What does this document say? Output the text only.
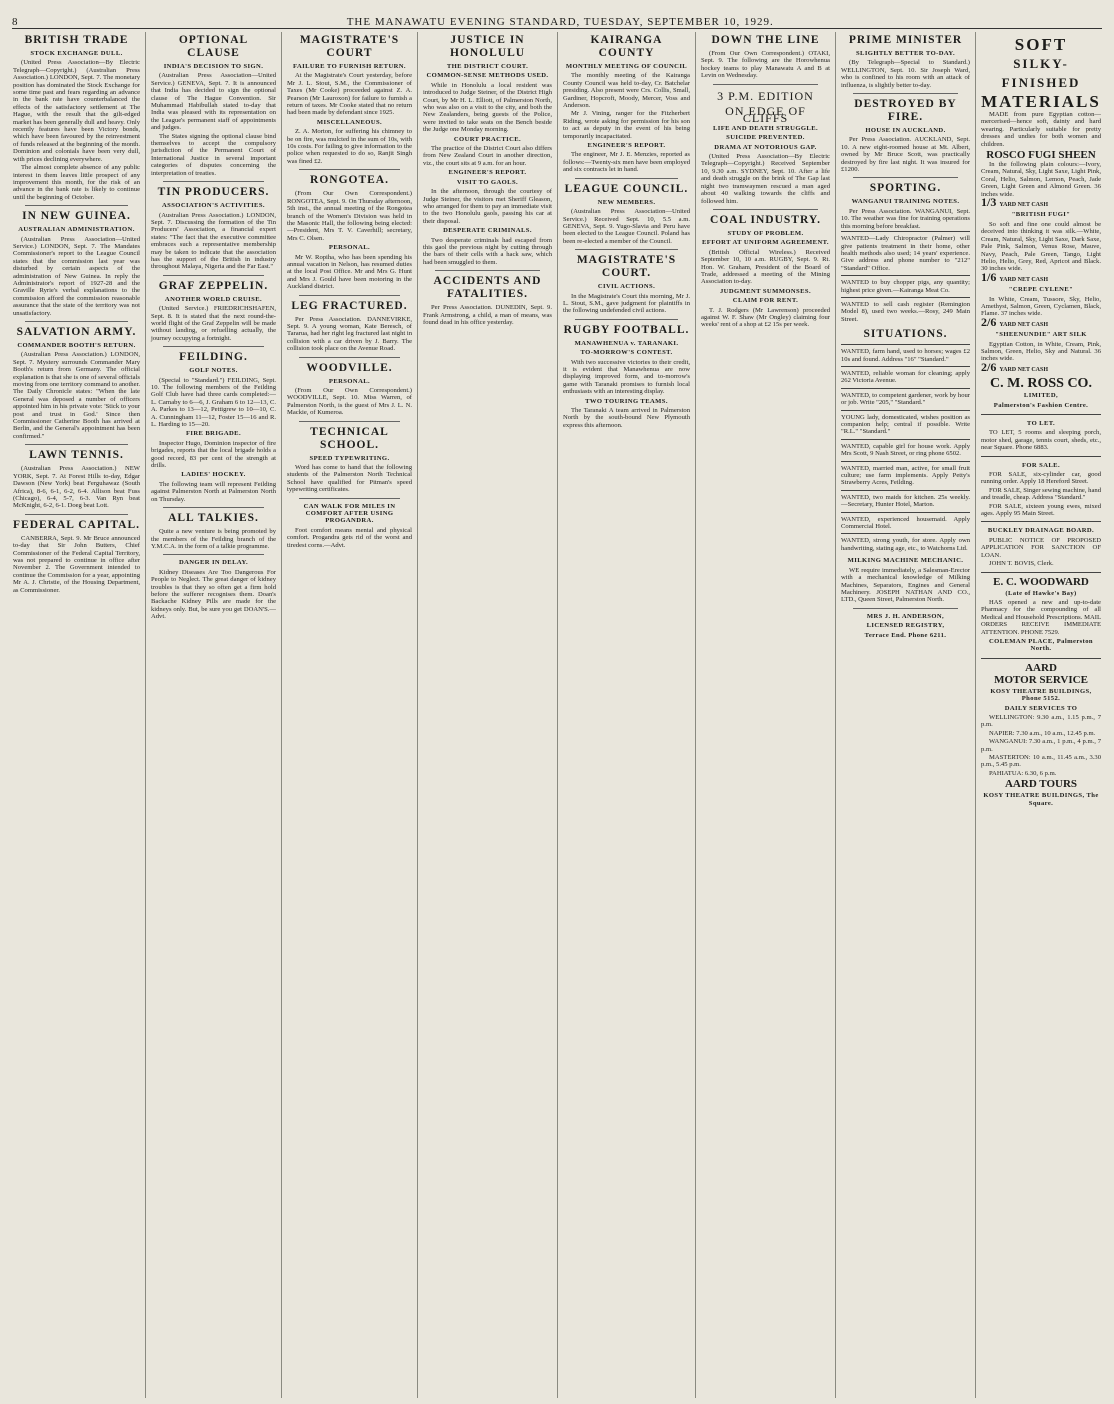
8	THE MANAWATU EVENING STANDARD, TUESDAY, SEPTEMBER 10, 1929.
BRITISH TRADE
STOCK EXCHANGE DULL.

(United Press Association—By Electric Telegraph—Copyright.) (Australian Press Association.) LONDON, Sept. 7. The monetary position has dominated the Stock Exchange for some time past and fears regarding an advance in the bank rate have counterbalanced the effects of the satisfactory settlement at The Hague, with the result that the gilt-edged market has been generally dull and heavy. Only recently features have been Victory bonds, which have been favoured by the reinvestment of funds released at the beginning of the month. Dominion and colonials have been very dull, with prices declining everywhere.

The almost complete absence of any public interest in them leaves little prospect of any improvement this month, for the risk of an advance in the bank rate is likely to continue until the beginning of October.

IN NEW GUINEA.
AUSTRALIAN ADMINISTRATION.

(Australian Press Association—United Service.) LONDON, Sept. 7. The Mandates Commissioner's report to the League Council states that the commission last year was disturbed by certain aspects of the administration of New Guinea. In reply the Administrator's report of 1927-28 and the Graville Ryrie's verbal explanations to the commission afford the commission reasonable assurance that the state of the territory was not unsatisfactory.

SALVATION ARMY.
COMMANDER BOOTH'S RETURN.

(Australian Press Association.) LONDON, Sept. 7. Mystery surrounds Commander Mary Booth's return from Germany. The official explanation is that she is one of several officials moving from one territory command to another. The Daily Chronicle states: "When the late General was deposed a number of officers appointed him in his private vote: 'Stick to your post and trust in God.' Since then Commissioner Catherine Booth has arrived at Berlin, and the General's appointment has been confirmed."

LAWN TENNIS.

(Australian Press Association.) NEW YORK, Sept. 7. At Forest Hills to-day, Edgar Dawson (New York) beat Ferguhawaz (South Africa), 8-6, 6-1, 6-2, 6-4. Allison beat Fuss (Chicago), 6-4, 5-7, 6-3. Van Ryn beat McKnight, 6-2, 6-1. Doeg beat Lott.

FEDERAL CAPITAL.

CANBERRA, Sept. 9. Mr Bruce announced to-day that Sir John Butters, Chief Commissioner of the Federal Capital Territory, was not prepared to continue in office after November 2. The Government intended to continue the Commission for a year, appointing Mr A. J. Christie, of the Housing Department, as Commissioner.

OPTIONAL CLAUSE
INDIA'S DECISION TO SIGN.

(Australian Press Association—United Service.) GENEVA, Sept. 7. It is announced that India has decided to sign the optional clause of The Hague Convention. Sir Muhammad Habibullah stated to-day that India was pleased with its representation on the League's permanent staff of appointments and judges.

The States signing the optional clause bind themselves to accept the compulsory jurisdiction of the Permanent Court of International Justice in several important categories of disputes concerning the interpretation of treaties.

TIN PRODUCERS.
ASSOCIATION'S ACTIVITIES.

(Australian Press Association.) LONDON, Sept. 7. Discussing the formation of the Tin Producers' Association, a financial expert states: "The fact that the executive committee embraces such a representative membership may be taken to indicate that the association has the support of the British in industry throughout Malaya, Nigeria and the Far East."

GRAF ZEPPELIN.
ANOTHER WORLD CRUISE.

(United Service.) FRIEDRICHSHAFEN, Sept. 8. It is stated that the next round-the-world flight of the Graf Zeppelin will be made without landing, or refuelling actually, the journey occupying a fortnight.

FEILDING.
GOLF NOTES.

(Special to "Standard.") FEILDING, Sept. 10. The following members of the Feilding Golf Club have had three cards completed:—L. Carnaby to 6—6, J. Graham 6 to 12—13, C. A. Parkes to 13—12, Pettigrew to 10—10, C. A. Cunningham 11—12, Foster 15—16 and R. L. Harding to 15—20.

FIRE BRIGADE.

Inspector Hugo, Dominion inspector of fire brigades, reports that the local brigade holds a good record, 83 per cent of the strength at drills.

LADIES' HOCKEY.

The following team will represent Feilding against Palmerston North at Palmerston North on Thursday.

ALL TALKIES.

Quite a new venture is being promoted by the members of the Feilding branch of the Y.M.C.A. in the form of a talkie programme.

DANGER IN DELAY.

Kidney Diseases Are Too Dangerous For People to Neglect. The great danger of kidney troubles is that they so often get a firm hold before the sufferer recognises them. Doan's Backache Kidney Pills are made for the kidneys only. But, be sure you get DOAN'S.—Advt.

MAGISTRATE'S COURT
FAILURE TO FURNISH RETURN.

At the Magistrate's Court yesterday, before Mr J. L. Stout, S.M., the Commissioner of Taxes (Mr Cooke) proceeded against Z. A. Pearson (Mr Lauroxon) for failure to furnish a return of taxes. Mr Cooke stated that no return had been made by defendant since 1925.

MISCELLANEOUS.

Z. A. Morton, for suffering his chimney to be on fire, was mulcted in the sum of 10s, with 10s costs. For failing to give information to the police when requested to do so, Ranjit Singh was fined £2.

RONGOTEA.

(From Our Own Correspondent.) RONGOTEA, Sept. 9. On Thursday afternoon, 5th inst., the annual meeting of the Rongotea branch of the Women's Division was held in the Masonic Hall, the following being elected:—President, Mrs T. V. Caverhill; secretary, Mrs C. Olsen.

PERSONAL.

Mr W. Ropiha, who has been spending his annual vacation in Nelson, has resumed duties at the local Post Office. Mr and Mrs G. Hunt and Mrs J. Gould have been motoring in the Auckland district.

LEG FRACTURED.

Per Press Association. DANNEVIRKE, Sept. 9. A young woman, Kate Beresch, of Tararua, had her right leg fractured last night in collision with a car driven by J. Barry. The collision took place on the Avenue Road.

WOODVILLE.
PERSONAL.

(From Our Own Correspondent.) WOODVILLE, Sept. 10. Miss Warren, of Palmerston North, is the guest of Mrs J. L. N. Mackie, of Kumeroa.

TECHNICAL SCHOOL.
SPEED TYPEWRITING.

Word has come to hand that the following students of the Palmerston North Technical School have qualified for Pitman's speed typewriting certificates.

CAN WALK FOR MILES IN COMFORT AFTER USING PROGANDRA.

Foot comfort means mental and physical comfort. Progandra gets rid of the worst and tiredest corns.—Advt.

JUSTICE IN HONOLULU
THE DISTRICT COURT.
COMMON-SENSE METHODS USED.

While in Honolulu a local resident was introduced to Judge Steiner, of the District High Court, by Mr H. L. Elliott, of Palmerston North, who was also on a visit to the city, and both the New Zealanders, being guests of the Police, were invited to take seats on the Bench beside the Judge one Monday morning.

COURT PRACTICE.

The practice of the District Court also differs from New Zealand Court in another direction, viz., the court sits at 9 a.m. for an hour.

ENGINEER'S REPORT.
VISIT TO GAOLS.

In the afternoon, through the courtesy of Judge Steiner, the visitors met Sheriff Gleason, who arranged for them to pay an immediate visit to the two Honolulu gaols, passing his car at their disposal.

DESPERATE CRIMINALS.

Two desperate criminals had escaped from this gaol the previous night by cutting through the bars of their cells with a hack saw, which had been smuggled to them.

ACCIDENTS AND FATALITIES.

Per Press Association. DUNEDIN, Sept. 9. Frank Armstrong, a child, a man of means, was found dead in his office yesterday.

KAIRANGA COUNTY
MONTHLY MEETING OF COUNCIL

The monthly meeting of the Kairanga County Council was held to-day, Cr. Batchelar presiding. Also present were Crs. Collis, Small, Gardiner, Hopcroft, Moody, Mercer, Voss and Anderson.

Mr J. Vining, ranger for the Fitzherbert Riding, wrote asking for permission for his son to act as deputy in the event of his being temporarily incapacitated.

ENGINEER'S REPORT.

The engineer, Mr J. E. Menzies, reported as follows:—Twenty-six men have been employed and six contracts let in hand.

LEAGUE COUNCIL.
NEW MEMBERS.

(Australian Press Association—United Service.) Received Sept. 10, 5.5 a.m. GENEVA, Sept. 9. Yugo-Slavia and Peru have been elected to the League Council. Poland has been re-elected a member of the Council.

MAGISTRATE'S COURT.
CIVIL ACTIONS.

In the Magistrate's Court this morning, Mr J. L. Stout, S.M., gave judgment for plaintiffs in the following undefended civil actions.

RUGBY FOOTBALL.
MANAWHENUA v. TARANAKI.
TO-MORROW'S CONTEST.

With two successive victories to their credit, it is evident that Manawhenua are now displaying improved form, and to-morrow's game with Taranaki promises to furnish local enthusiasts with an interesting display.

TWO TOURING TEAMS.

The Taranaki A team arrived in Palmerston North by the south-bound New Plymouth express this afternoon.

DOWN THE LINE

(From Our Own Correspondent.) OTAKI, Sept. 9. The following are the Horowhenua hockey teams to play Manawatu A and B at Levin on Wednesday.

3 P.M. EDITION
ON EDGE OF CLIFFS
LIFE AND DEATH STRUGGLE.
SUICIDE PREVENTED.
DRAMA AT NOTORIOUS GAP.

(United Press Association—By Electric Telegraph—Copyright.) Received September 10, 9.30 a.m. SYDNEY, Sept. 10. After a life and death struggle on the brink of The Gap last night two tramwaymen rescued a man aged about 40 walking towards the cliffs and followed him.

COAL INDUSTRY.
STUDY OF PROBLEM.
EFFORT AT UNIFORM AGREEMENT.

(British Official Wireless.) Received September 10, 10 a.m. RUGBY, Sept. 9. Rt. Hon. W. Graham, President of the Board of Trade, addressed a meeting of the Mining Association to-day.

JUDGMENT SUMMONSES.
CLAIM FOR RENT.

T. J. Rodgers (Mr Lawrenson) proceeded against W. F. Shaw (Mr Ongley) claiming four weeks' rent of a shop at £2 15s per week.

PRIME MINISTER
SLIGHTLY BETTER TO-DAY.

(By Telegraph—Special to Standard.) WELLINGTON, Sept. 10. Sir Joseph Ward, who is confined to his room with an attack of influenza, is slightly better to-day.

DESTROYED BY FIRE.
HOUSE IN AUCKLAND.

Per Press Association. AUCKLAND, Sept. 10. A new eight-roomed house at Mt. Albert, owned by Mr Bruce Scott, was practically destroyed by fire last night. It was insured for £1200.

SPORTING.
WANGANUI TRAINING NOTES.

Per Press Association. WANGANUI, Sept. 10. The weather was fine for training operations this morning before breakfast.

WANTED—Lady Chiropractor (Palmer) will give patients treatment in their home, other health methods also used; 14 years' experience. Give address and phone number to "212" "Standard" Office.
WANTED to buy chopper pigs, any quantity; highest price given.—Kairanga Meat Co.
WANTED to sell cash register (Remington Model 8), used two weeks.—Rosy, 249 Main Street.
SITUATIONS.
WANTED, farm hand, used to horses; wages £2 10s and found. Address "16" "Standard."
WANTED, reliable woman for cleaning; apply 262 Victoria Avenue.
WANTED, to competent gardener, work by hour or job. Write "205," "Standard."
YOUNG lady, domesticated, wishes position as companion help; central if possible. Write "R.L." "Standard."
WANTED, capable girl for house work. Apply Mrs Scott, 9 Nash Street, or ring phone 6502.
WANTED, married man, active, for small fruit culture; use farm implements. Apply Petty's Strawberry Acres, Feilding.
WANTED, two maids for kitchen. 25s weekly.—Secretary, Hunter Hotel, Marton.
WANTED, experienced housemaid. Apply Commercial Hotel.
WANTED, strong youth, for store. Apply own handwriting, stating age, etc., to Watchorns Ltd.
MILKING MACHINE MECHANIC.

WE require immediately, a Salesman-Erector with a mechanical knowledge of Milking Machines, Separators, Engines and General Machinery. JOSEPH NATHAN AND CO., LTD., Queen Street, Palmerston North.

MRS J. H. ANDERSON,
LICENSED REGISTRY,
Terrace End. Phone 6211.
SOFT
SILKY-FINISHED
MATERIALS

MADE from pure Egyptian cotton—mercerised—hence soft, dainty and hard wearing. Particularly suitable for pretty dresses and undies for both women and children.

ROSCO FUGI SHEEN

In the following plain colours:—Ivory, Cream, Natural, Sky, Light Saxe, Light Pink, Coral, Helio, Salmon, Lemon, Peach, Jade Green, Light Green and Almond Green. 36 inches wide.

1/3 YARD NET CASH
"BRITISH FUGI"

So soft and fine one could almost be deceived into thinking it was silk.—White, Cream, Natural, Sky, Light Saxe, Dark Saxe, Pale Pink, Salmon, Venus Rose, Mauve, Navy, Peach, Pale Green, Tango, Light Helio, Helio, Grey, Red, Apricot and Black. 30 inches wide.

1/6 YARD NET CASH
"CREPE CYLENE"

In White, Cream, Tussore, Sky, Helio, Amethyst, Salmon, Green, Cyclamen, Black, Flame. 37 inches wide.

2/6 YARD NET CASH
"SHEENUNDIE" ART SILK

Egyptian Cotton, in White, Cream, Pink, Salmon, Green, Helio, Sky and Natural. 36 inches wide.

2/6 YARD NET CASH
C. M. ROSS CO.
LIMITED,
Palmerston's Fashion Centre.
TO LET.

TO LET, 5 rooms and sleeping porch, motor shed, garage, tennis court, sheds, etc., near Square. Phone 6883.

FOR SALE.

FOR SALE, six-cylinder car, good running order. Apply 18 Hereford Street.

FOR SALE, Singer sewing machine, hand and treadle, cheap. Address "Standard."

FOR SALE, sixteen young ewes, mixed ages. Apply 95 Main Street.

BUCKLEY DRAINAGE BOARD.

PUBLIC NOTICE OF PROPOSED APPLICATION FOR SANCTION OF LOAN.

JOHN T. BOVIS, Clerk.

E. C. WOODWARD
(Late of Hawke's Bay)

HAS opened a new and up-to-date Pharmacy for the compounding of all Medical and Household Prescriptions. MAIL ORDERS RECEIVE IMMEDIATE ATTENTION. PHONE 7529.

COLEMAN PLACE, Palmerston North.
AARD
MOTOR SERVICE
KOSY THEATRE BUILDINGS, Phone 5152.
DAILY SERVICES TO

WELLINGTON: 9.30 a.m., 1.15 p.m., 7 p.m.

NAPIER: 7.30 a.m., 10 a.m., 12.45 p.m.

WANGANUI: 7.30 a.m., 1 p.m., 4 p.m., 7 p.m.

MASTERTON: 10 a.m., 11.45 a.m., 3.30 p.m., 5.45 p.m.

PAHIATUA: 6.30, 6 p.m.

AARD TOURS
KOSY THEATRE BUILDINGS, The Square.
